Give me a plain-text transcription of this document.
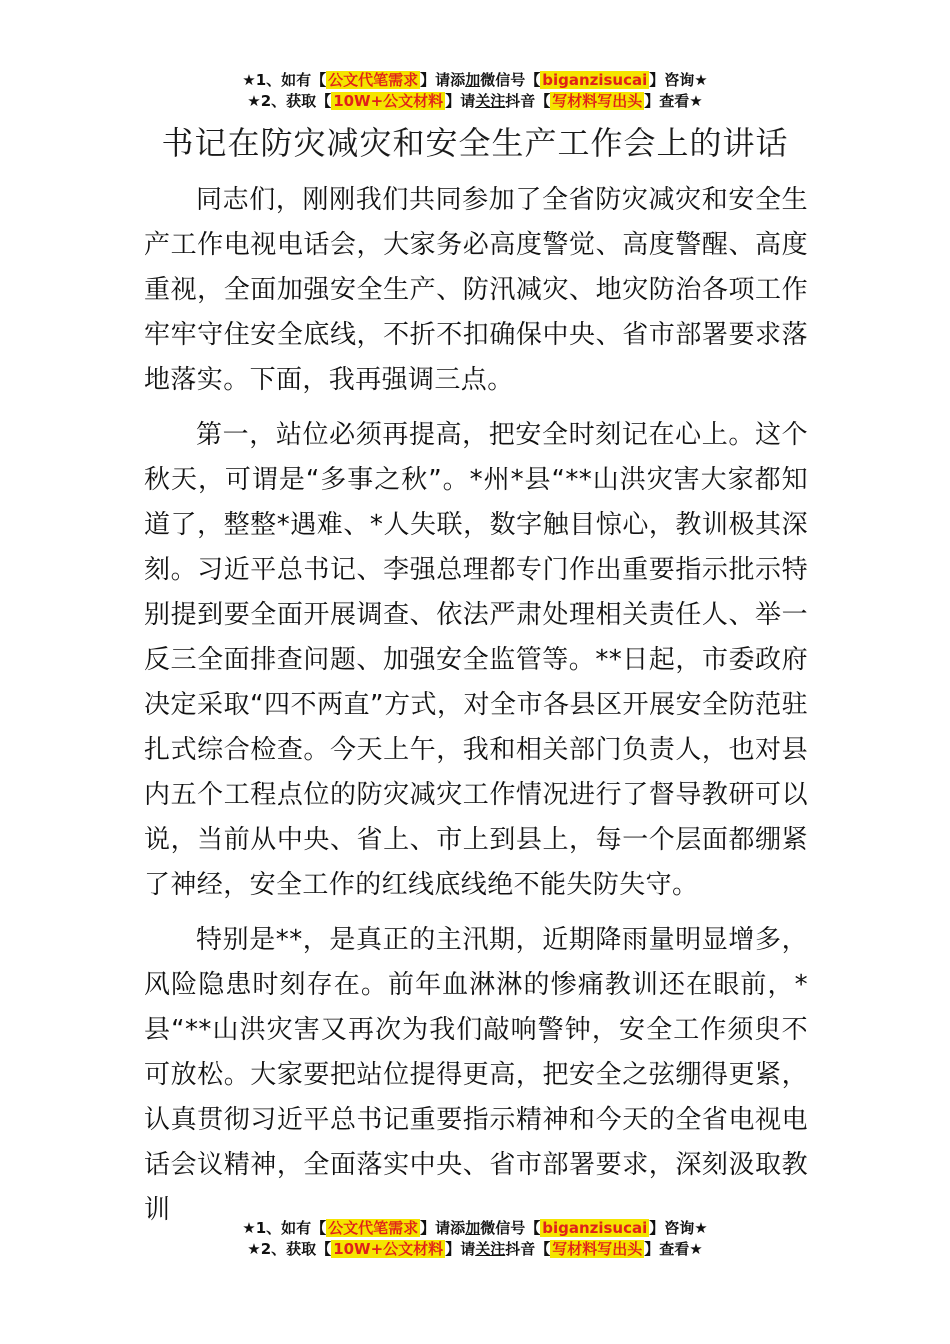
★1、如有【 公文代笔需求 】请添加微信号【 biganzisucai 】咨询★
★2、获取【 10W+公文材料 】请关注抖音【 写材料写出头 】查看★
书记在防灾减灾和安全生产工作会上的讲话

同志们，刚刚我们共同参加了全省防灾减灾和安全生产工作电视电话会，大家务必高度警觉、高度警醒、高度重视，全面加强安全生产、防汛减灾、地灾防治各项工作牢牢守住安全底线，不折不扣确保中央、省市部署要求落地落实。下面，我再强调三点。

第一，站位必须再提高，把安全时刻记在心上。这个秋天，可谓是“多事之秋”。*州*县“**山洪灾害大家都知道了，整整*遇难、*人失联，数字触目惊心，教训极其深刻。习近平总书记、李强总理都专门作出重要指示批示特别提到要全面开展调查、依法严肃处理相关责任人、举一反三全面排查问题、加强安全监管等。**日起，市委政府决定采取“四不两直”方式，对全市各县区开展安全防范驻扎式综合检查。今天上午，我和相关部门负责人，也对县内五个工程点位的防灾减灾工作情况进行了督导教研可以说，当前从中央、省上、市上到县上，每一个层面都绷紧了神经，安全工作的红线底线绝不能失防失守。

特别是**，是真正的主汛期，近期降雨量明显增多，风险隐患时刻存在。前年血淋淋的惨痛教训还在眼前，*县“**山洪灾害又再次为我们敲响警钟，安全工作须臾不可放松。大家要把站位提得更高，把安全之弦绷得更紧，认真贯彻习近平总书记重要指示精神和今天的全省电视电话会议精神，全面落实中央、省市部署要求，深刻汲取教训

★1、如有【 公文代笔需求 】请添加微信号【 biganzisucai 】咨询★
★2、获取【 10W+公文材料 】请关注抖音【 写材料写出头 】查看★
